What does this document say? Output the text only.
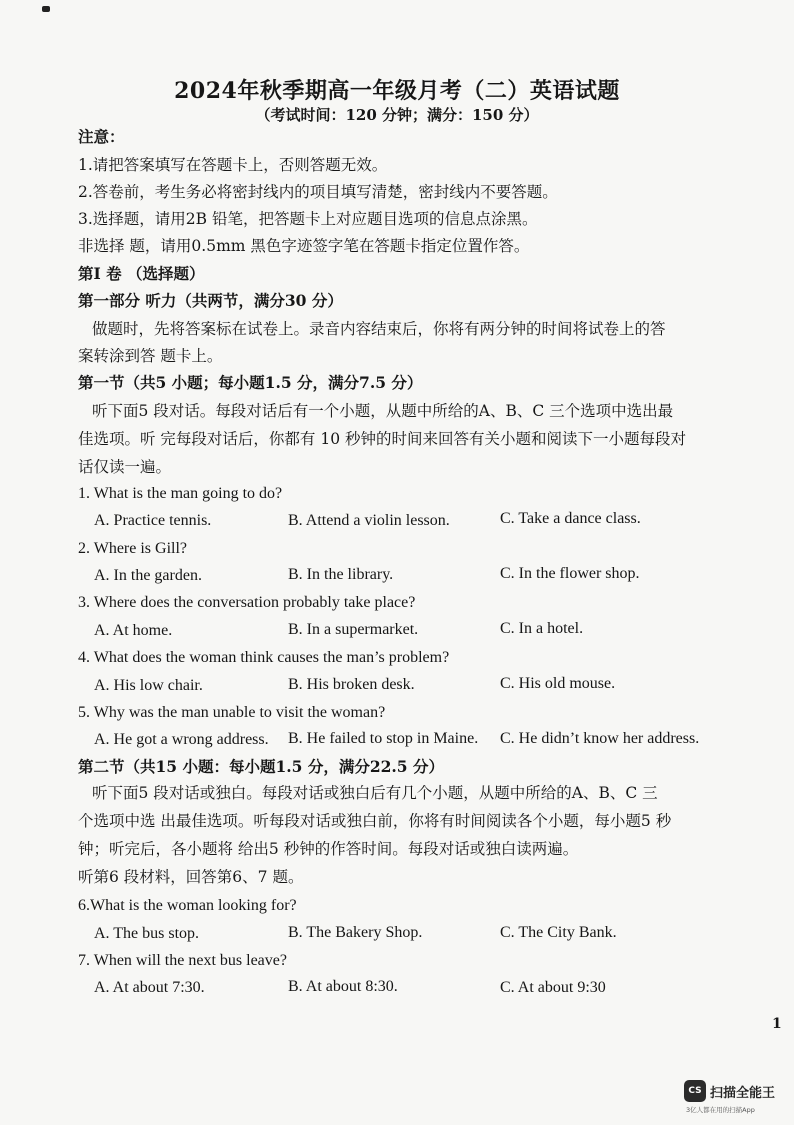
2024年秋季期高一年级月考（二）英语试题
（考试时间：120 分钟；满分：150 分）
注意：
1.请把答案填写在答题卡上，否则答题无效。
2.答卷前，考生务必将密封线内的项目填写清楚，密封线内不要答题。
3.选择题，请用2B 铅笔，把答题卡上对应题目选项的信息点涂黑。
非选择 题，请用0.5mm 黑色字迹签字笔在答题卡指定位置作答。
第Ⅰ 卷 （选择题）
第一部分 听力（共两节，满分30 分）
做题时，先将答案标在试卷上。录音内容结束后，你将有两分钟的时间将试卷上的答
案转涂到答 题卡上。
第一节（共5 小题；每小题1.5 分，满分7.5 分）
听下面5 段对话。每段对话后有一个小题，从题中所给的A、B、C 三个选项中选出最
佳选项。听 完每段对话后，你都有 10 秒钟的时间来回答有关小题和阅读下一小题每段对
话仅读一遍。
1. What is the man going to do?
A. Practice tennis.	B. Attend a violin lesson.	C. Take a dance class.
2. Where is Gill?
A. In the garden.	B. In the library.	C. In the flower shop.
3. Where does the conversation probably take place?
A. At home.	B. In a supermarket.	C. In a hotel.
4. What does the woman think causes the man’s problem?
A. His low chair.	B. His broken desk.	C. His old mouse.
5. Why was the man unable to visit the woman?
A. He got a wrong address. B. He failed to stop in Maine. C. He didn’t know her address.
第二节（共15 小题：每小题1.5 分，满分22.5 分）
听下面5 段对话或独白。每段对话或独白后有几个小题，从题中所给的A、B、C 三
个选项中选 出最佳选项。听每段对话或独白前，你将有时间阅读各个小题，每小题5 秒
钟；听完后，各小题将 给出5 秒钟的作答时间。每段对话或独白读两遍。
听第6 段材料，回答第6、7 题。
6.What is the woman looking for?
A. The bus stop.	B. The Bakery Shop.	C. The City Bank.
7. When will the next bus leave?
A. At about 7:30.	B. At about 8:30.	C. At about 9:30
1
CS 扫描全能王
3亿人都在用的扫描App
